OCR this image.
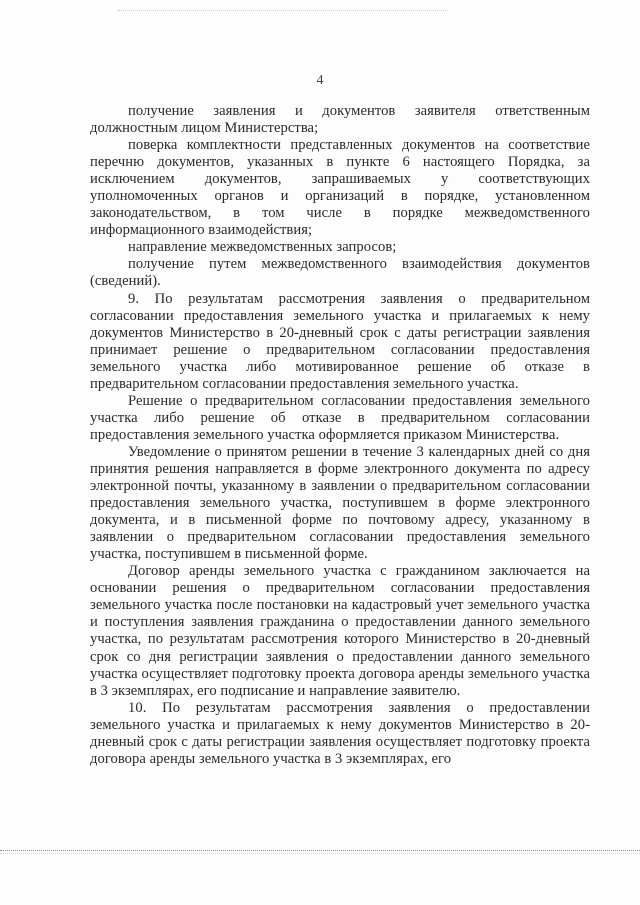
4

получение заявления и документов заявителя ответственным должностным лицом Министерства;

поверка комплектности представленных документов на соответствие перечню документов, указанных в пункте 6 настоящего Порядка, за исключением документов, запрашиваемых у соответствующих уполномоченных органов и организаций в порядке, установленном законодательством, в том числе в порядке межведомственного информационного взаимодействия;

направление межведомственных запросов;

получение путем межведомственного взаимодействия документов (сведений).

9. По результатам рассмотрения заявления о предварительном согласовании предоставления земельного участка и прилагаемых к нему документов Министерство в 20-дневный срок с даты регистрации заявления принимает решение о предварительном согласовании предоставления земельного участка либо мотивированное решение об отказе в предварительном согласовании предоставления земельного участка.

Решение о предварительном согласовании предоставления земельного участка либо решение об отказе в предварительном согласовании предоставления земельного участка оформляется приказом Министерства.

Уведомление о принятом решении в течение 3 календарных дней со дня принятия решения направляется в форме электронного документа по адресу электронной почты, указанному в заявлении о предварительном согласовании предоставления земельного участка, поступившем в форме электронного документа, и в письменной форме по почтовому адресу, указанному в заявлении о предварительном согласовании предоставления земельного участка, поступившем в письменной форме.

Договор аренды земельного участка с гражданином заключается на основании решения о предварительном согласовании предоставления земельного участка после постановки на кадастровый учет земельного участка и поступления заявления гражданина о предоставлении данного земельного участка, по результатам рассмотрения которого Министерство в 20-дневный срок со дня регистрации заявления о предоставлении данного земельного участка осуществляет подготовку проекта договора аренды земельного участка в 3 экземплярах, его подписание и направление заявителю.

10. По результатам рассмотрения заявления о предоставлении земельного участка и прилагаемых к нему документов Министерство в 20-дневный срок с даты регистрации заявления осуществляет подготовку проекта договора аренды земельного участка в 3 экземплярах, его
